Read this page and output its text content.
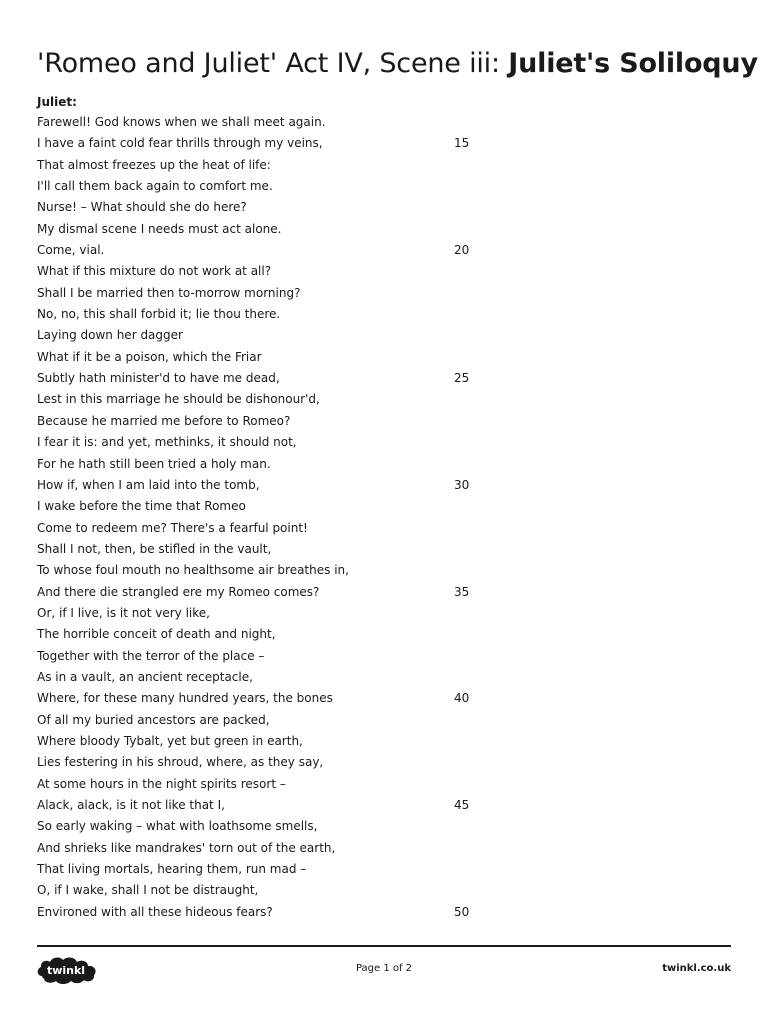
'Romeo and Juliet' Act IV, Scene iii: Juliet's Soliloquy
Juliet:
Farewell! God knows when we shall meet again.
I have a faint cold fear thrills through my veins,	15
That almost freezes up the heat of life:
I'll call them back again to comfort me.
Nurse! – What should she do here?
My dismal scene I needs must act alone.
Come, vial.	20
What if this mixture do not work at all?
Shall I be married then to-morrow morning?
No, no, this shall forbid it; lie thou there.
Laying down her dagger
What if it be a poison, which the Friar
Subtly hath minister'd to have me dead,	25
Lest in this marriage he should be dishonour'd,
Because he married me before to Romeo?
I fear it is: and yet, methinks, it should not,
For he hath still been tried a holy man.
How if, when I am laid into the tomb,	30
I wake before the time that Romeo
Come to redeem me? There's a fearful point!
Shall I not, then, be stifled in the vault,
To whose foul mouth no healthsome air breathes in,
And there die strangled ere my Romeo comes?	35
Or, if I live, is it not very like,
The horrible conceit of death and night,
Together with the terror of the place –
As in a vault, an ancient receptacle,
Where, for these many hundred years, the bones	40
Of all my buried ancestors are packed,
Where bloody Tybalt, yet but green in earth,
Lies festering in his shroud, where, as they say,
At some hours in the night spirits resort –
Alack, alack, is it not like that I,	45
So early waking – what with loathsome smells,
And shrieks like mandrakes' torn out of the earth,
That living mortals, hearing them, run mad –
O, if I wake, shall I not be distraught,
Environed with all these hideous fears?	50
twinkl	Page 1 of 2	twinkl.co.uk
